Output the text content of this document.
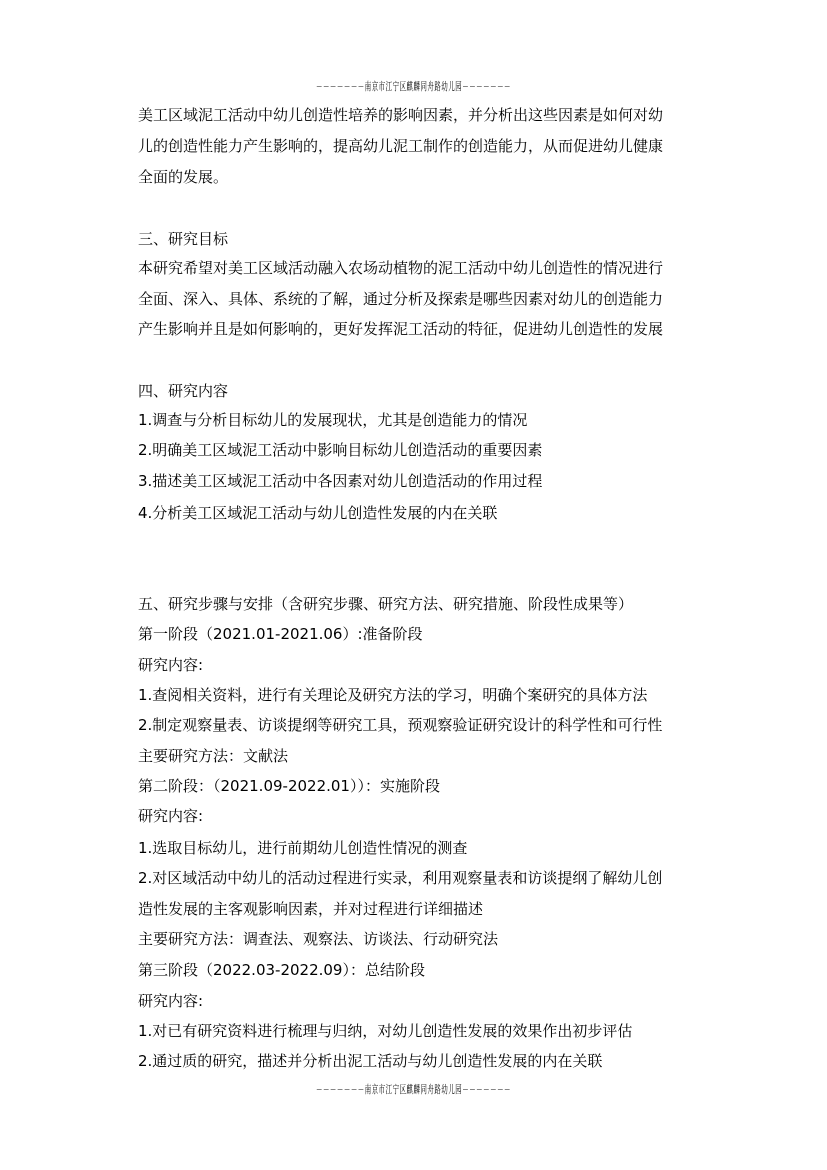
－－－－－－－南京市江宁区麒麟同舟路幼儿园－－－－－－－
美工区域泥工活动中幼儿创造性培养的影响因素，并分析出这些因素是如何对幼
儿的创造性能力产生影响的，提高幼儿泥工制作的创造能力，从而促进幼儿健康
全面的发展。
三、研究目标
本研究希望对美工区域活动融入农场动植物的泥工活动中幼儿创造性的情况进行
全面、深入、具体、系统的了解，通过分析及探索是哪些因素对幼儿的创造能力
产生影响并且是如何影响的，更好发挥泥工活动的特征，促进幼儿创造性的发展
四、研究内容
1.调查与分析目标幼儿的发展现状，尤其是创造能力的情况
2.明确美工区域泥工活动中影响目标幼儿创造活动的重要因素
3.描述美工区域泥工活动中各因素对幼儿创造活动的作用过程
4.分析美工区域泥工活动与幼儿创造性发展的内在关联
五、研究步骤与安排（含研究步骤、研究方法、研究措施、阶段性成果等）
第一阶段（2021.01-2021.06）:准备阶段
研究内容:
1.查阅相关资料，进行有关理论及研究方法的学习，明确个案研究的具体方法
2.制定观察量表、访谈提纲等研究工具，预观察验证研究设计的科学性和可行性
主要研究方法：文献法
第二阶段：（2021.09-2022.01））：实施阶段
研究内容:
1.选取目标幼儿，进行前期幼儿创造性情况的测查
2.对区域活动中幼儿的活动过程进行实录，利用观察量表和访谈提纲了解幼儿创
造性发展的主客观影响因素，并对过程进行详细描述
主要研究方法：调查法、观察法、访谈法、行动研究法
第三阶段（2022.03-2022.09）：总结阶段
研究内容:
1.对已有研究资料进行梳理与归纳，对幼儿创造性发展的效果作出初步评估
2.通过质的研究，描述并分析出泥工活动与幼儿创造性发展的内在关联
－－－－－－－南京市江宁区麒麟同舟路幼儿园－－－－－－－
